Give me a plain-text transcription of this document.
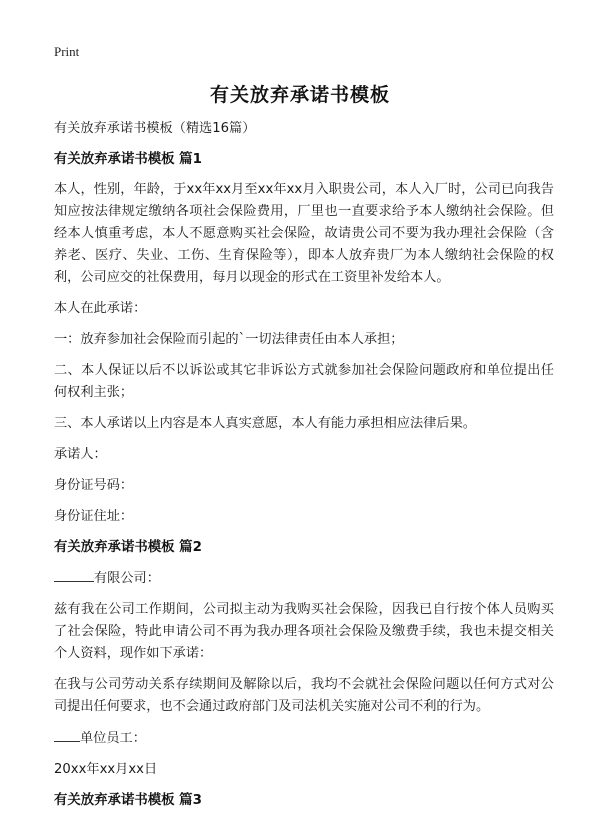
Print
有关放弃承诺书模板

有关放弃承诺书模板（精选16篇）

有关放弃承诺书模板 篇1

本人，性别，年龄，于xx年xx月至xx年xx月入职贵公司，本人入厂时，公司已向我告知应按法律规定缴纳各项社会保险费用，厂里也一直要求给予本人缴纳社会保险。但经本人慎重考虑，本人不愿意购买社会保险，故请贵公司不要为我办理社会保险（含养老、医疗、失业、工伤、生育保险等），即本人放弃贵厂为本人缴纳社会保险的权利，公司应交的社保费用，每月以现金的形式在工资里补发给本人。

本人在此承诺：

一：放弃参加社会保险而引起的`一切法律责任由本人承担；

二、本人保证以后不以诉讼或其它非诉讼方式就参加社会保险问题政府和单位提出任何权利主张；

三、本人承诺以上内容是本人真实意愿，本人有能力承担相应法律后果。

承诺人：

身份证号码：

身份证住址：

有关放弃承诺书模板 篇2

有限公司：

兹有我在公司工作期间，公司拟主动为我购买社会保险，因我已自行按个体人员购买了社会保险，特此申请公司不再为我办理各项社会保险及缴费手续，我也未提交相关个人资料，现作如下承诺：

在我与公司劳动关系存续期间及解除以后，我均不会就社会保险问题以任何方式对公司提出任何要求，也不会通过政府部门及司法机关实施对公司不利的行为。

单位员工：

20xx年xx月xx日

有关放弃承诺书模板 篇3
